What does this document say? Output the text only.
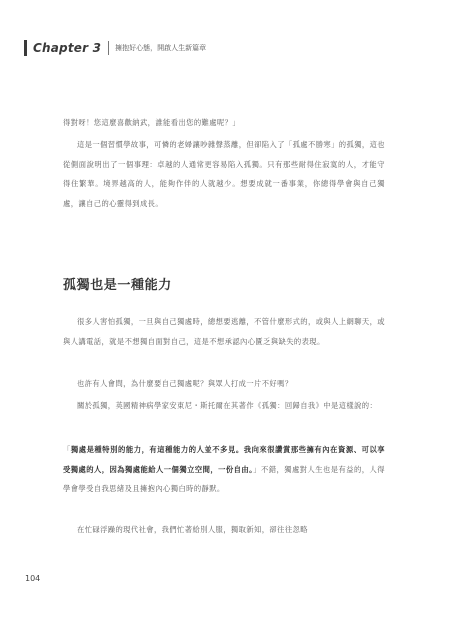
Chapter 3 擁抱好心態，開啟人生新篇章

得對呀！您這麼喜歡納武，誰能看出您的難處呢？」

這是一個習慣學故事，可憐的老婦讓吵雜聲蒸離，但卻陷入了「孤處不勝寒」的孤獨，這也從側面說明出了一個事理：卓越的人通常更容易陷入孤獨。只有那些耐得住寂寞的人，才能守得住繁華。境界越高的人，能夠作伴的人就越少。想要成就一番事業，你總得學會與自己獨處，讓自己的心靈得到成長。

孤獨也是一種能力

很多人害怕孤獨，一旦與自己獨處時，總想要逃離，不管什麼形式的，或與人上網聊天，或與人講電話，就是不想獨自面對自己，這是不想承認內心匱乏與缺失的表現。

也許有人會問，為什麼要自己獨處呢？與眾人打成一片不好嗎？

關於孤獨，英國精神病學家安東尼・斯托爾在其著作《孤獨：回歸自我》中是這樣說的：

「獨處是種特別的能力，有這種能力的人並不多見。我向來很讚賞那些擁有內在資源、可以享受獨處的人，因為獨處能給人一個獨立空間，一份自由。」不錯，獨處對人生也是有益的，人得學會學受自我思緒及且擁抱內心獨白時的靜默。

在忙碌浮躁的現代社會，我們忙著給別人服，獨取新知，卻往往忽略

104
